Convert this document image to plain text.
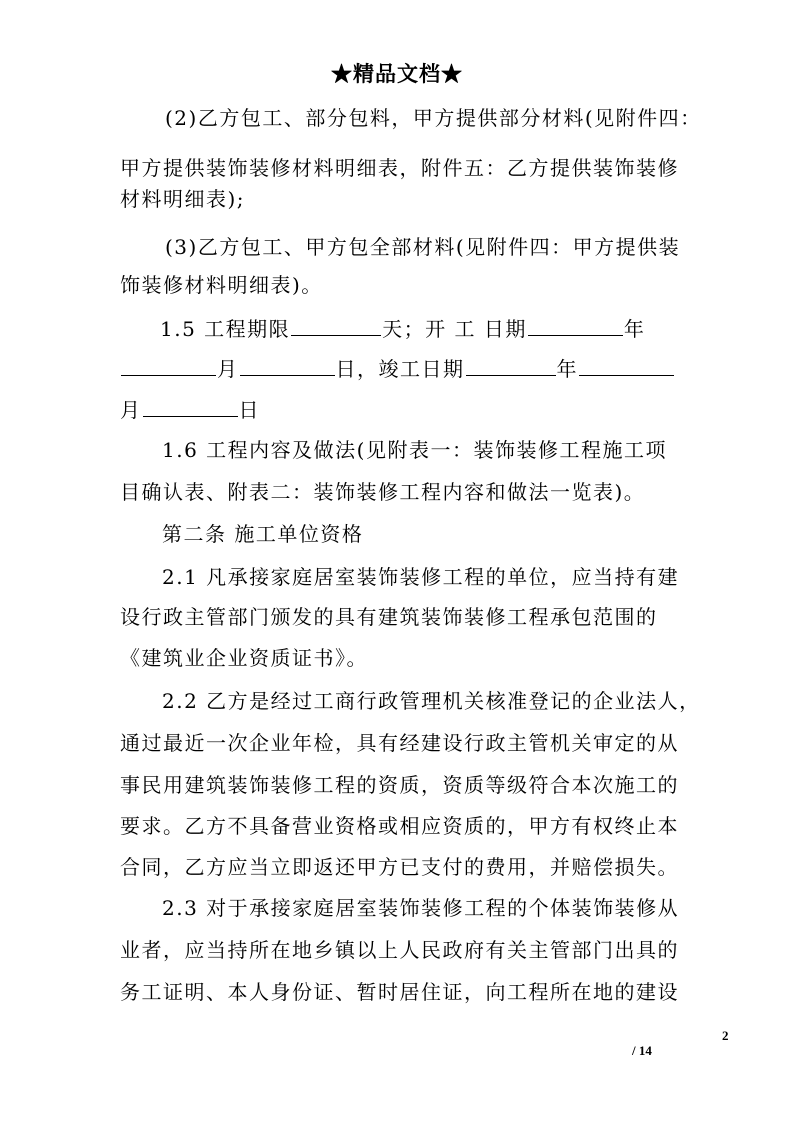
★精品文档★
(2)乙方包工、部分包料，甲方提供部分材料(见附件四：
甲方提供装饰装修材料明细表，附件五：乙方提供装饰装修
材料明细表);
(3)乙方包工、甲方包全部材料(见附件四：甲方提供装
饰装修材料明细表)。
1.5 工程期限	天；开 工 日期	年
月	日，竣工日期	年
月	日
1.6 工程内容及做法(见附表一：装饰装修工程施工项
目确认表、附表二：装饰装修工程内容和做法一览表)。
第二条 施工单位资格
2.1 凡承接家庭居室装饰装修工程的单位，应当持有建
设行政主管部门颁发的具有建筑装饰装修工程承包范围的
《建筑业企业资质证书》。
2.2 乙方是经过工商行政管理机关核准登记的企业法人，
通过最近一次企业年检，具有经建设行政主管机关审定的从
事民用建筑装饰装修工程的资质，资质等级符合本次施工的
要求。乙方不具备营业资格或相应资质的，甲方有权终止本
合同，乙方应当立即返还甲方已支付的费用，并赔偿损失。
2.3 对于承接家庭居室装饰装修工程的个体装饰装修从
业者，应当持所在地乡镇以上人民政府有关主管部门出具的
务工证明、本人身份证、暂时居住证，向工程所在地的建设
2
/ 14
